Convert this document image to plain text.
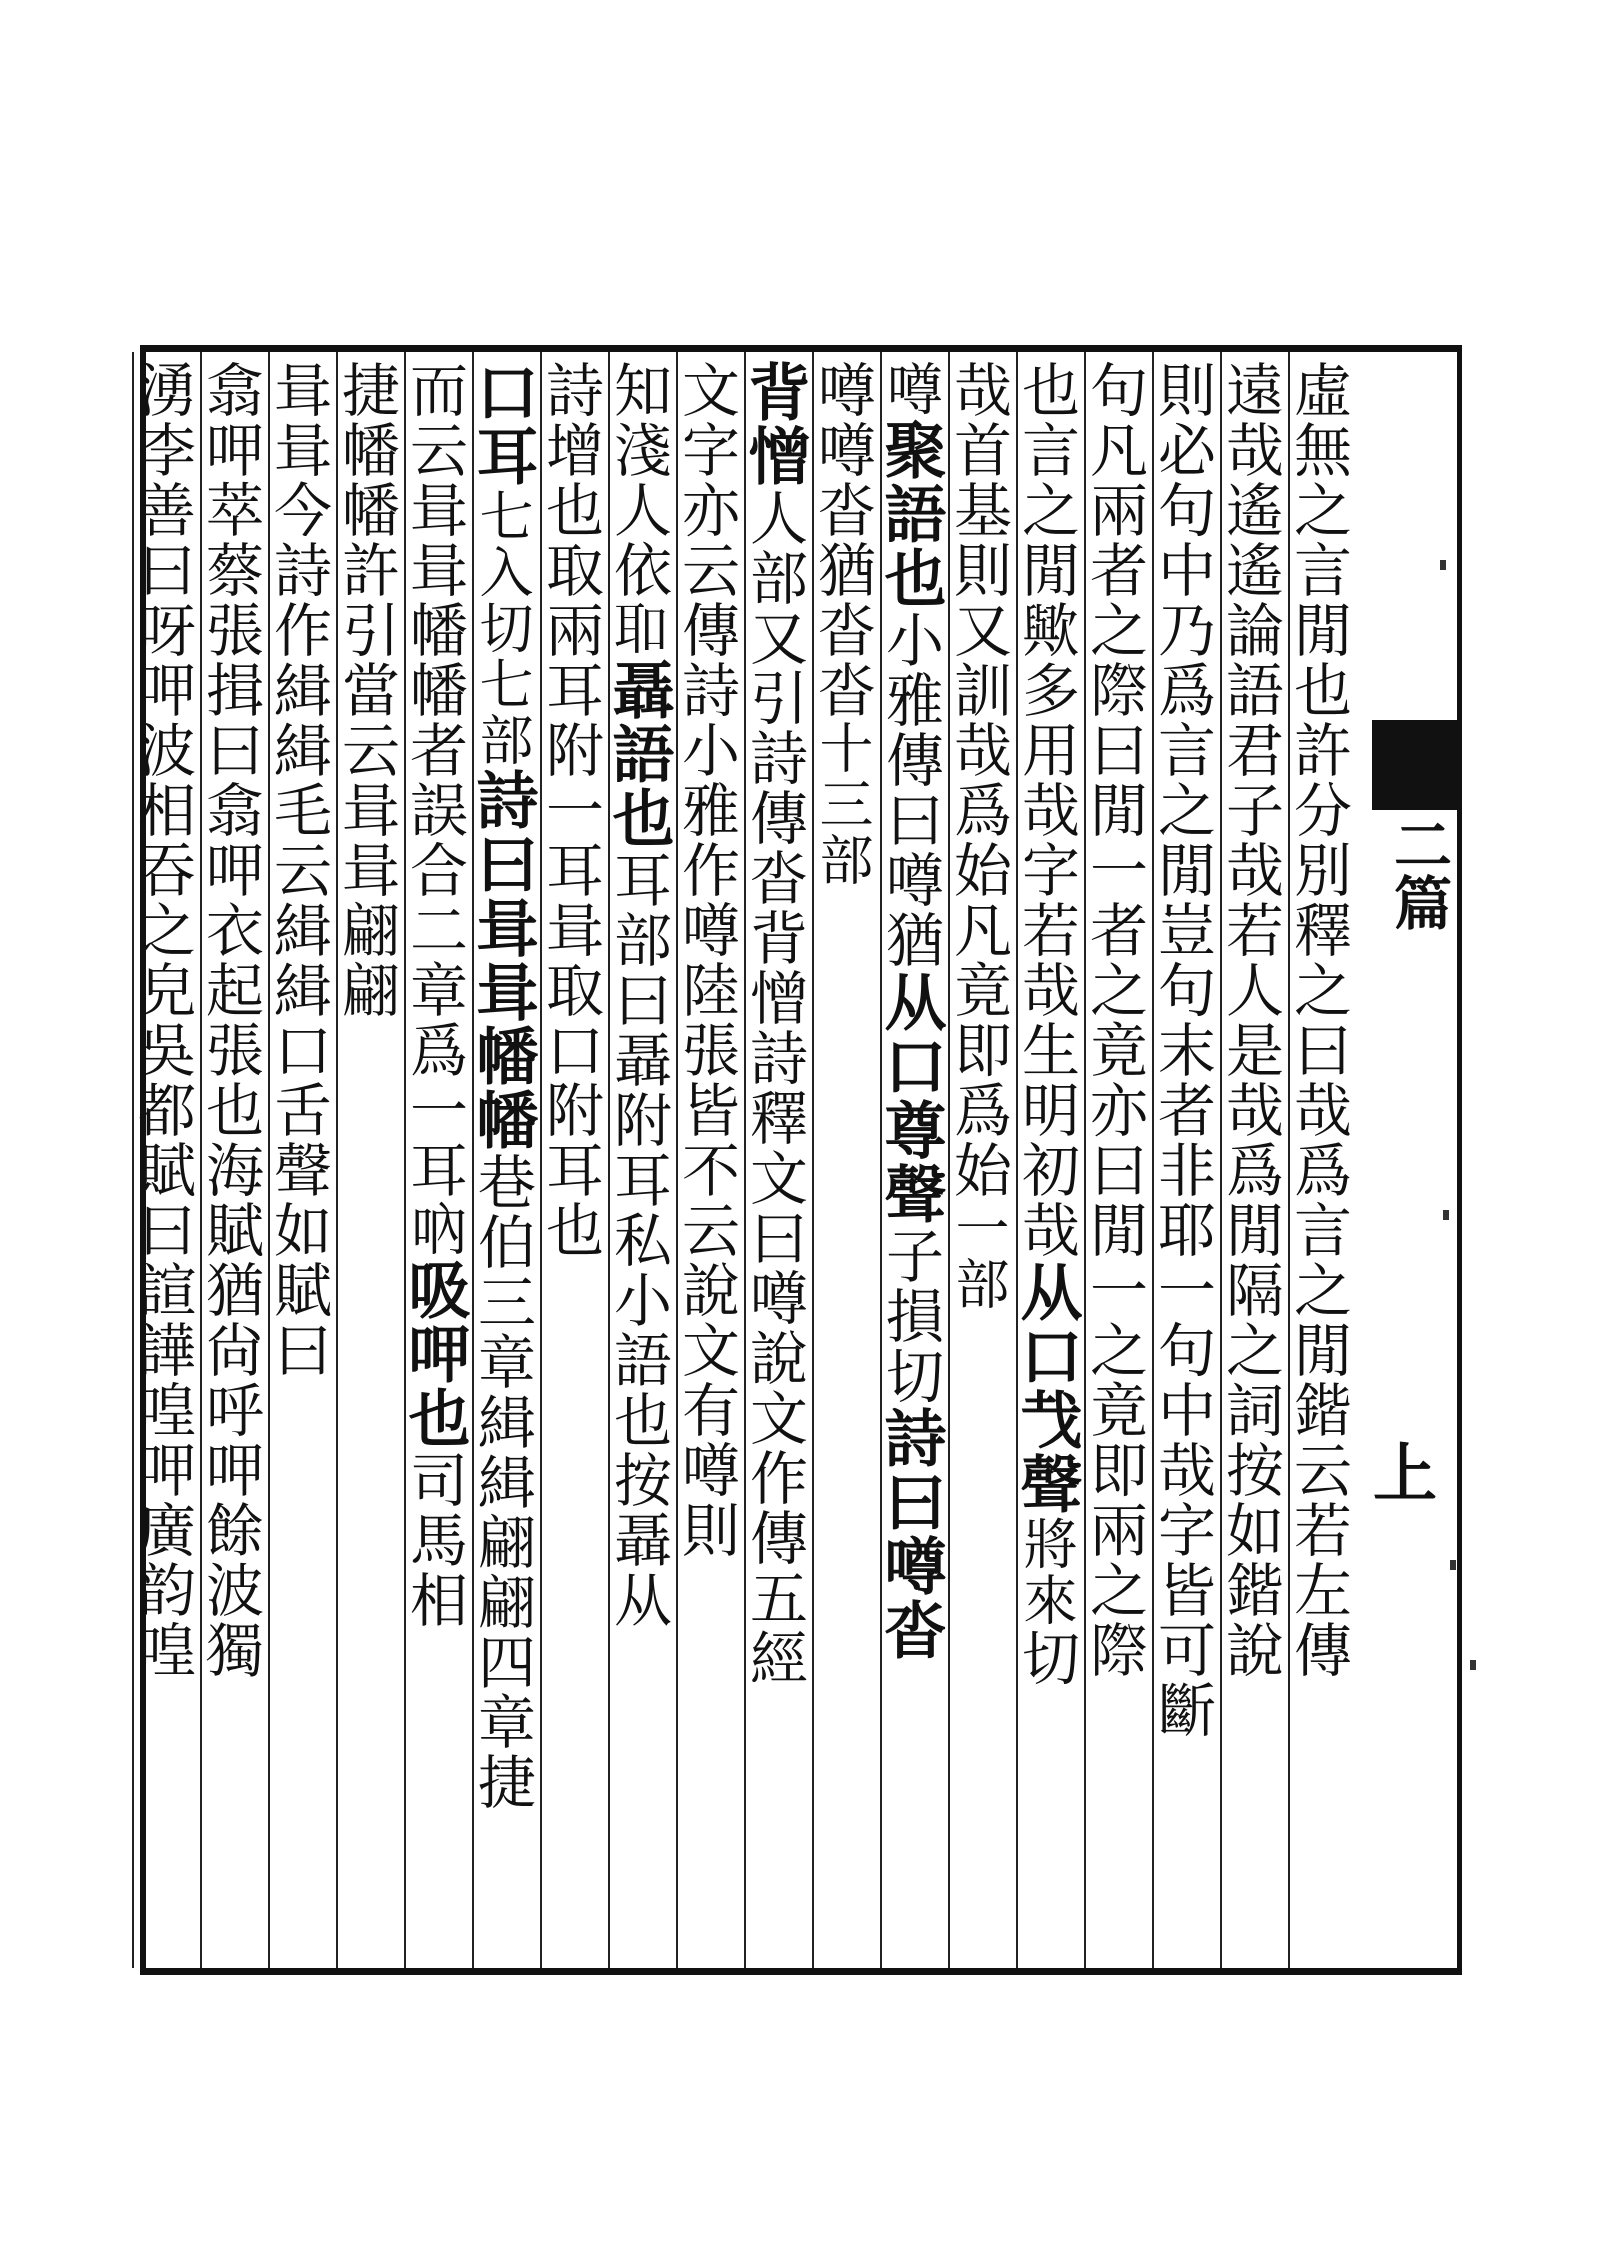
二篇
上
虛無之言閒也許分別釋之曰哉爲言之閒鍇云若左傳
遠哉遙遙論語君子哉若人是哉爲閒隔之詞按如鍇說
則必句中乃爲言之閒豈句末者非耶一句中哉字皆可斷
句凡兩者之際曰閒一者之竟亦曰閒一之竟即兩之際
也言之閒歟多用哉字若哉生明初哉从口𢦏聲將來切
哉首基則又訓哉爲始凡竟即爲始一部
噂聚語也小雅傳曰噂猶从口尊聲子損切詩曰噂沓
噂噂沓猶沓沓十三部
背憎人部又引詩傳沓背憎詩釋文曰噂說文作傳五經
文字亦云傳詩小雅作噂陸張皆不云說文有噂則
知淺人依𦔻聶語也耳部曰聶附耳私小語也按聶从
詩增也取兩耳附一耳咠取口附耳也
口耳七入切七部詩曰咠咠幡幡巷伯三章緝緝翩翩四章捷
而云咠咠幡幡者誤合二章爲一耳吶吸呷也司馬相
捷幡幡許引當云咠咠翩翩
咠咠今詩作緝緝毛云緝緝口舌聲如賦曰
翕呷萃蔡張揖曰翕呷衣起張也海賦猶尙呼呷餘波獨
湧李善曰呀呷波相吞之皃吳都賦曰諠譁喤呷廣韵喤
